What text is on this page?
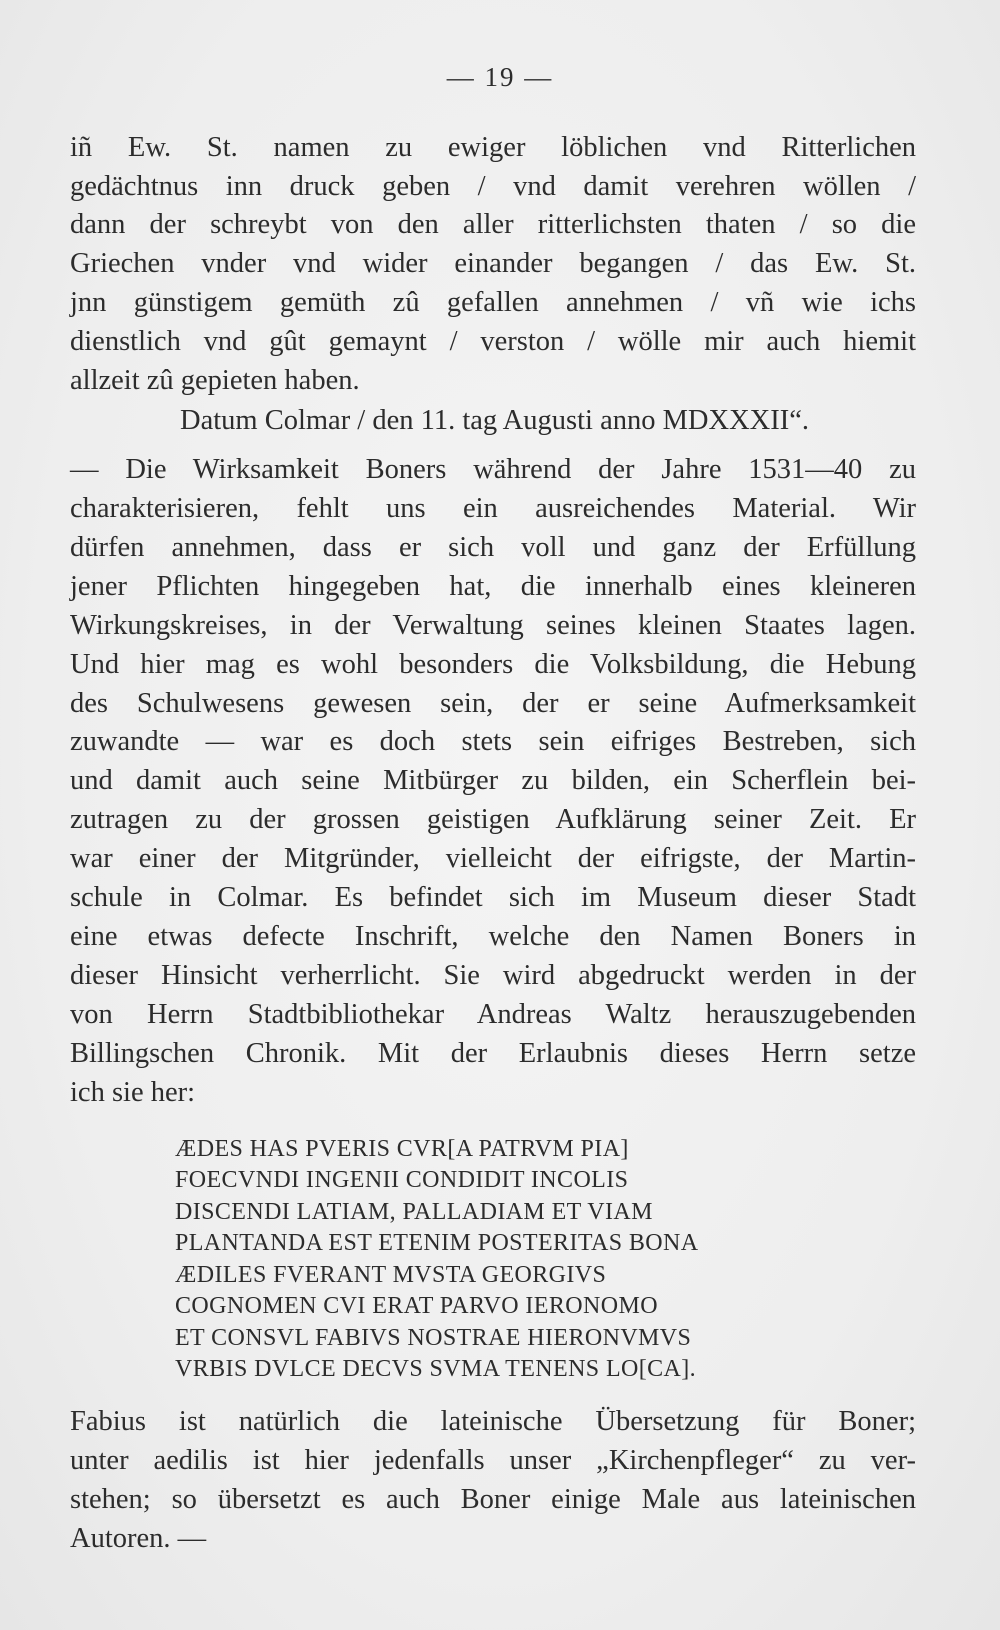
— 19 —
iñ Ew. St. namen zu ewiger löblichen vnd Ritterlichen
gedächtnus inn druck geben / vnd damit verehren wöllen /
dann der schreybt von den aller ritterlichsten thaten / so die
Griechen vnder vnd wider einander begangen / das Ew. St.
jnn günstigem gemüth zû gefallen annehmen / vñ wie ichs
dienstlich vnd gût gemaynt / verston / wölle mir auch hiemit
allzeit zû gepieten haben.
Datum Colmar / den 11. tag Augusti anno MDXXXII“.
— Die Wirksamkeit Boners während der Jahre 1531—40 zu
charakterisieren, fehlt uns ein ausreichendes Material. Wir
dürfen annehmen, dass er sich voll und ganz der Erfüllung
jener Pflichten hingegeben hat, die innerhalb eines kleineren
Wirkungskreises, in der Verwaltung seines kleinen Staates lagen.
Und hier mag es wohl besonders die Volksbildung, die Hebung
des Schulwesens gewesen sein, der er seine Aufmerksamkeit
zuwandte — war es doch stets sein eifriges Bestreben, sich
und damit auch seine Mitbürger zu bilden, ein Scherflein bei-
zutragen zu der grossen geistigen Aufklärung seiner Zeit. Er
war einer der Mitgründer, vielleicht der eifrigste, der Martin-
schule in Colmar. Es befindet sich im Museum dieser Stadt
eine etwas defecte Inschrift, welche den Namen Boners in
dieser Hinsicht verherrlicht. Sie wird abgedruckt werden in der
von Herrn Stadtbibliothekar Andreas Waltz herauszugebenden
Billingschen Chronik. Mit der Erlaubnis dieses Herrn setze
ich sie her:
ÆDES HAS PVERIS CVR[A PATRVM PIA]
FOECVNDI INGENII CONDIDIT INCOLIS
DISCENDI LATIAM, PALLADIAM ET VIAM
PLANTANDA EST ETENIM POSTERITAS BONA
ÆDILES FVERANT MVSTA GEORGIVS
COGNOMEN CVI ERAT PARVO IERONOMO
ET CONSVL FABIVS NOSTRAE HIERONVMVS
VRBIS DVLCE DECVS SVMA TENENS LO[CA].
Fabius ist natürlich die lateinische Übersetzung für Boner;
unter aedilis ist hier jedenfalls unser „Kirchenpfleger“ zu ver-
stehen; so übersetzt es auch Boner einige Male aus lateinischen
Autoren. —
